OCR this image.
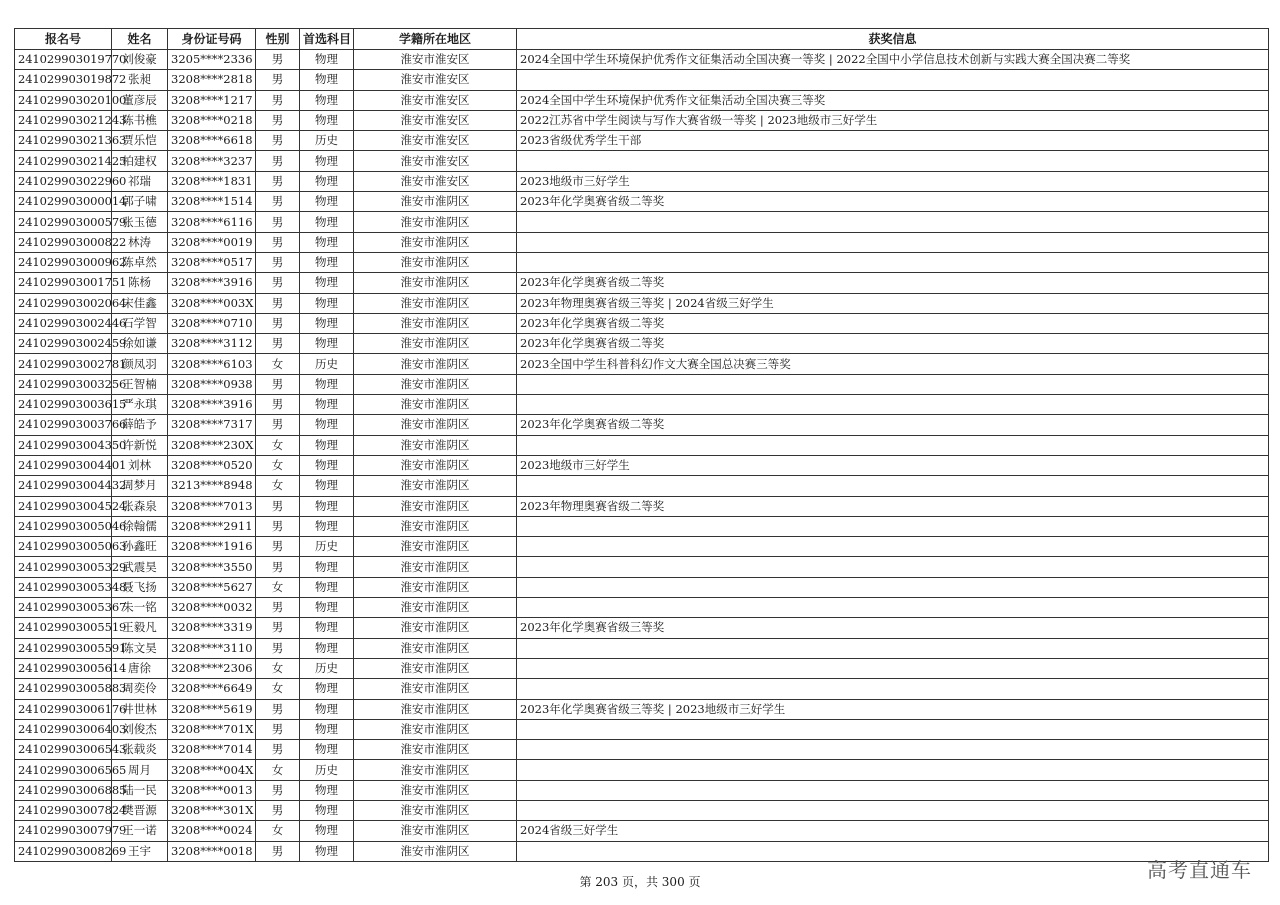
报名号	姓名	身份证号码	性别	首选科目	学籍所在地区	获奖信息
241029903019770	刘俊豪	3205****2336	男	物理	淮安市淮安区	2024全国中学生环境保护优秀作文征集活动全国决赛一等奖 | 2022全国中小学信息技术创新与实践大赛全国决赛二等奖
241029903019872	张昶	3208****2818	男	物理	淮安市淮安区	
241029903020100	董彦辰	3208****1217	男	物理	淮安市淮安区	2024全国中学生环境保护优秀作文征集活动全国决赛三等奖
241029903021243	陈书樵	3208****0218	男	物理	淮安市淮安区	2022江苏省中学生阅读与写作大赛省级一等奖 | 2023地级市三好学生
241029903021363	贾乐恺	3208****6618	男	历史	淮安市淮安区	2023省级优秀学生干部
241029903021425	柏建权	3208****3237	男	物理	淮安市淮安区	
241029903022960	祁瑞	3208****1831	男	物理	淮安市淮安区	2023地级市三好学生
241029903000014	郭子啸	3208****1514	男	物理	淮安市淮阴区	2023年化学奥赛省级二等奖
241029903000579	张玉德	3208****6116	男	物理	淮安市淮阴区	
241029903000822	林涛	3208****0019	男	物理	淮安市淮阴区	
241029903000962	陈卓然	3208****0517	男	物理	淮安市淮阴区	
241029903001751	陈杨	3208****3916	男	物理	淮安市淮阴区	2023年化学奥赛省级二等奖
241029903002064	宋佳鑫	3208****003X	男	物理	淮安市淮阴区	2023年物理奥赛省级三等奖 | 2024省级三好学生
241029903002446	石学智	3208****0710	男	物理	淮安市淮阴区	2023年化学奥赛省级二等奖
241029903002459	徐如谦	3208****3112	男	物理	淮安市淮阴区	2023年化学奥赛省级二等奖
241029903002781	颜凤羽	3208****6103	女	历史	淮安市淮阴区	2023全国中学生科普科幻作文大赛全国总决赛三等奖
241029903003256	王智楠	3208****0938	男	物理	淮安市淮阴区	
241029903003615	严永琪	3208****3916	男	物理	淮安市淮阴区	
241029903003766	薛皓予	3208****7317	男	物理	淮安市淮阴区	2023年化学奥赛省级二等奖
241029903004350	许新悦	3208****230X	女	物理	淮安市淮阴区	
241029903004401	刘林	3208****0520	女	物理	淮安市淮阴区	2023地级市三好学生
241029903004432	周梦月	3213****8948	女	物理	淮安市淮阴区	
241029903004524	张森泉	3208****7013	男	物理	淮安市淮阴区	2023年物理奥赛省级二等奖
241029903005046	徐翰儒	3208****2911	男	物理	淮安市淮阴区	
241029903005063	孙鑫旺	3208****1916	男	历史	淮安市淮阴区	
241029903005329	武震昊	3208****3550	男	物理	淮安市淮阴区	
241029903005348	聂飞扬	3208****5627	女	物理	淮安市淮阴区	
241029903005367	朱一铭	3208****0032	男	物理	淮安市淮阴区	
241029903005519	王毅凡	3208****3319	男	物理	淮安市淮阴区	2023年化学奥赛省级三等奖
241029903005591	陈文昊	3208****3110	男	物理	淮安市淮阴区	
241029903005614	唐徐	3208****2306	女	历史	淮安市淮阴区	
241029903005883	周奕伶	3208****6649	女	物理	淮安市淮阴区	
241029903006176	井世林	3208****5619	男	物理	淮安市淮阴区	2023年化学奥赛省级三等奖 | 2023地级市三好学生
241029903006403	刘俊杰	3208****701X	男	物理	淮安市淮阴区	
241029903006543	张载炎	3208****7014	男	物理	淮安市淮阴区	
241029903006565	周月	3208****004X	女	历史	淮安市淮阴区	
241029903006885	陆一民	3208****0013	男	物理	淮安市淮阴区	
241029903007824	樊晋源	3208****301X	男	物理	淮安市淮阴区	
241029903007979	王一诺	3208****0024	女	物理	淮安市淮阴区	2024省级三好学生
241029903008269	王宇	3208****0018	男	物理	淮安市淮阴区	
第 203 页，共 300 页	高考直通车
